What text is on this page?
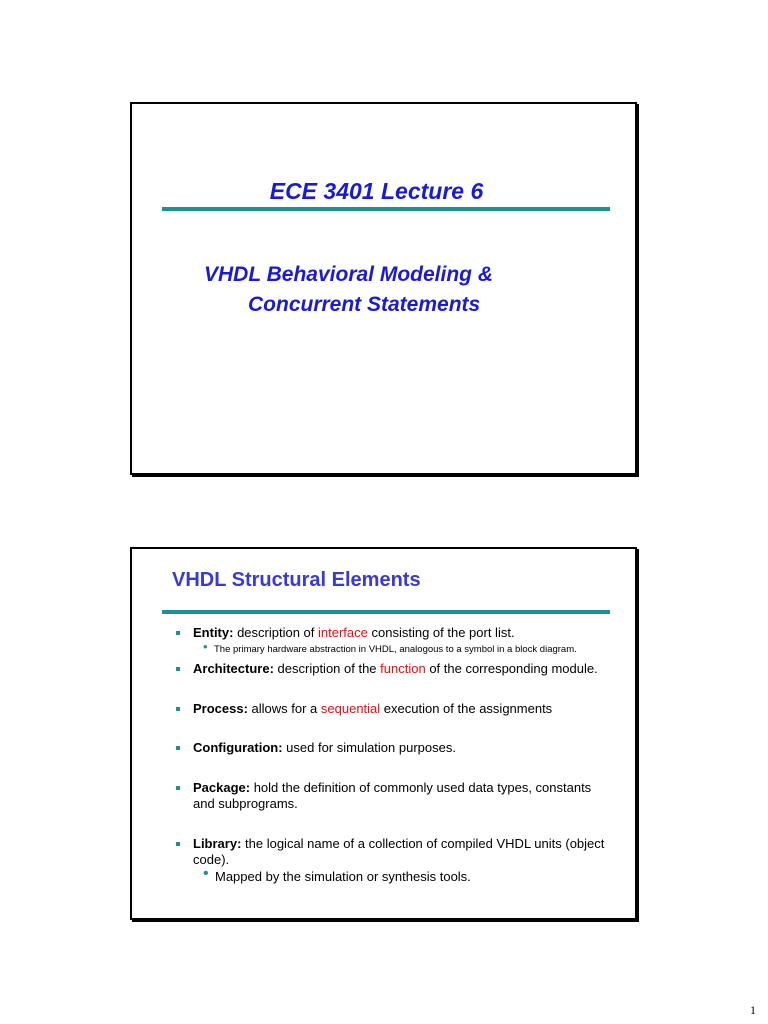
ECE 3401 Lecture 6
VHDL Behavioral Modeling &
Concurrent Statements
VHDL Structural Elements
Entity: description of interface consisting of the port list.
• The primary hardware abstraction in VHDL, analogous to a symbol in a block diagram.
Architecture: description of the function of the corresponding module.
Process: allows for a sequential execution of the assignments
Configuration: used for simulation purposes.
Package: hold the definition of commonly used data types, constants and subprograms.
Library: the logical name of a collection of compiled VHDL units (object code).
• Mapped by the simulation or synthesis tools.
1
